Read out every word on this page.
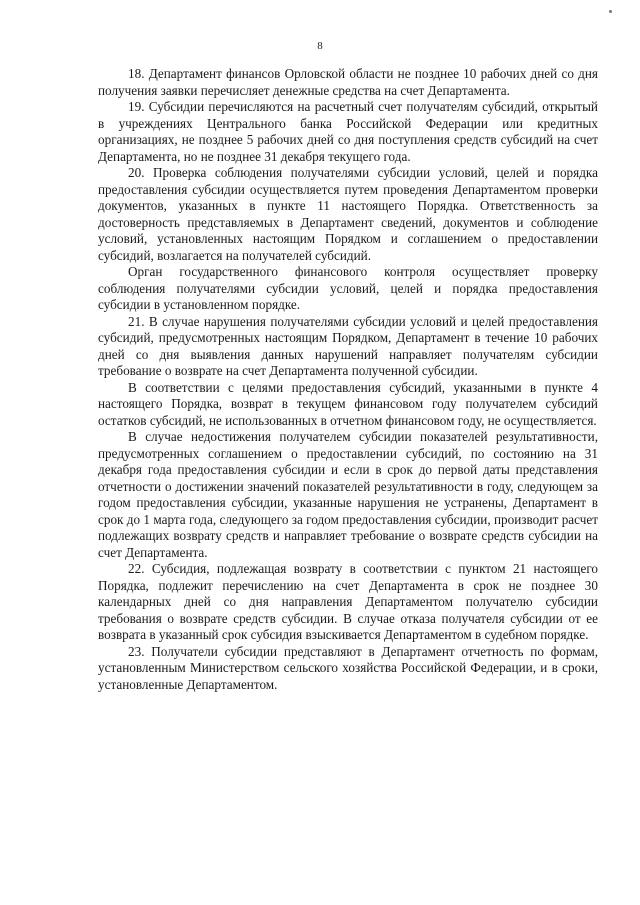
8

18. Департамент финансов Орловской области не позднее 10 рабочих дней со дня получения заявки перечисляет денежные средства на счет Департамента.

19. Субсидии перечисляются на расчетный счет получателям субсидий, открытый в учреждениях Центрального банка Российской Федерации или кредитных организациях, не позднее 5 рабочих дней со дня поступления средств субсидий на счет Департамента, но не позднее 31 декабря текущего года.

20. Проверка соблюдения получателями субсидии условий, целей и порядка предоставления субсидии осуществляется путем проведения Департаментом проверки документов, указанных в пункте 11 настоящего Порядка. Ответственность за достоверность представляемых в Департамент сведений, документов и соблюдение условий, установленных настоящим Порядком и соглашением о предоставлении субсидий, возлагается на получателей субсидий.

Орган государственного финансового контроля осуществляет проверку соблюдения получателями субсидии условий, целей и порядка предоставления субсидии в установленном порядке.

21. В случае нарушения получателями субсидии условий и целей предоставления субсидий, предусмотренных настоящим Порядком, Департамент в течение 10 рабочих дней со дня выявления данных нарушений направляет получателям субсидии требование о возврате на счет Департамента полученной субсидии.

В соответствии с целями предоставления субсидий, указанными в пункте 4 настоящего Порядка, возврат в текущем финансовом году получателем субсидий остатков субсидий, не использованных в отчетном финансовом году, не осуществляется.

В случае недостижения получателем субсидии показателей результативности, предусмотренных соглашением о предоставлении субсидий, по состоянию на 31 декабря года предоставления субсидии и если в срок до первой даты представления отчетности о достижении значений показателей результативности в году, следующем за годом предоставления субсидии, указанные нарушения не устранены, Департамент в срок до 1 марта года, следующего за годом предоставления субсидии, производит расчет подлежащих возврату средств и направляет требование о возврате средств субсидии на счет Департамента.

22. Субсидия, подлежащая возврату в соответствии с пунктом 21 настоящего Порядка, подлежит перечислению на счет Департамента в срок не позднее 30 календарных дней со дня направления Департаментом получателю субсидии требования о возврате средств субсидии. В случае отказа получателя субсидии от ее возврата в указанный срок субсидия взыскивается Департаментом в судебном порядке.

23. Получатели субсидии представляют в Департамент отчетность по формам, установленным Министерством сельского хозяйства Российской Федерации, и в сроки, установленные Департаментом.
